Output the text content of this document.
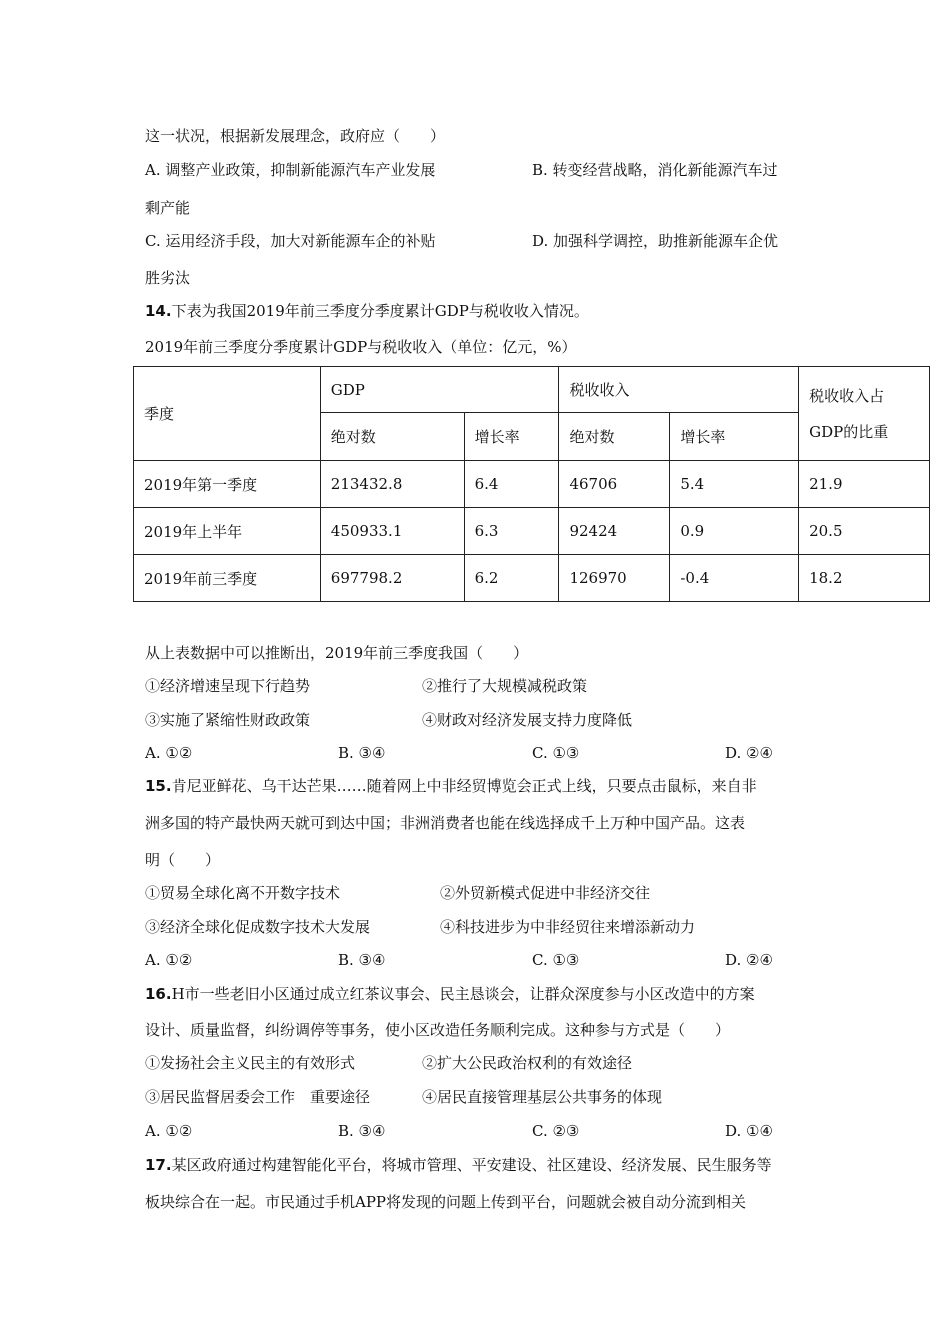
这一状况，根据新发展理念，政府应（　　）
A. 调整产业政策，抑制新能源汽车产业发展	B. 转变经营战略，消化新能源汽车过
剩产能
C. 运用经济手段，加大对新能源车企的补贴	D. 加强科学调控，助推新能源车企优
胜劣汰
14.下表为我国2019年前三季度分季度累计GDP与税收收入情况。
2019年前三季度分季度累计GDP与税收收入（单位：亿元，%）
季度	GDP		税收收入		税收收入占
GDP的比重

	绝对数	增长率	绝对数	增长率	
2019年第一季度	213432.8	6.4	46706	5.4	21.9
2019年上半年	450933.1	6.3	92424	0.9	20.5
2019年前三季度	697798.2	6.2	126970	-0.4	18.2
从上表数据中可以推断出，2019年前三季度我国（　　）
①经济增速呈现下行趋势	②推行了大规模减税政策
③实施了紧缩性财政政策	④财政对经济发展支持力度降低
A. ①②	B. ③④	C. ①③	D. ②④
15.肯尼亚鲜花、乌干达芒果……随着网上中非经贸博览会正式上线，只要点击鼠标，来自非
洲多国的特产最快两天就可到达中国；非洲消费者也能在线选择成千上万种中国产品。这表
明（　　）
①贸易全球化离不开数字技术	②外贸新模式促进中非经济交往
③经济全球化促成数字技术大发展	④科技进步为中非经贸往来增添新动力
A. ①②	B. ③④	C. ①③	D. ②④
16.H市一些老旧小区通过成立红茶议事会、民主恳谈会，让群众深度参与小区改造中的方案
设计、质量监督，纠纷调停等事务，使小区改造任务顺利完成。这种参与方式是（　　）
①发扬社会主义民主的有效形式	②扩大公民政治权利的有效途径
③居民监督居委会工作　重要途径	④居民直接管理基层公共事务的体现
A. ①②	B. ③④	C. ②③	D. ①④
17.某区政府通过构建智能化平台，将城市管理、平安建设、社区建设、经济发展、民生服务等
板块综合在一起。市民通过手机APP将发现的问题上传到平台，问题就会被自动分流到相关
